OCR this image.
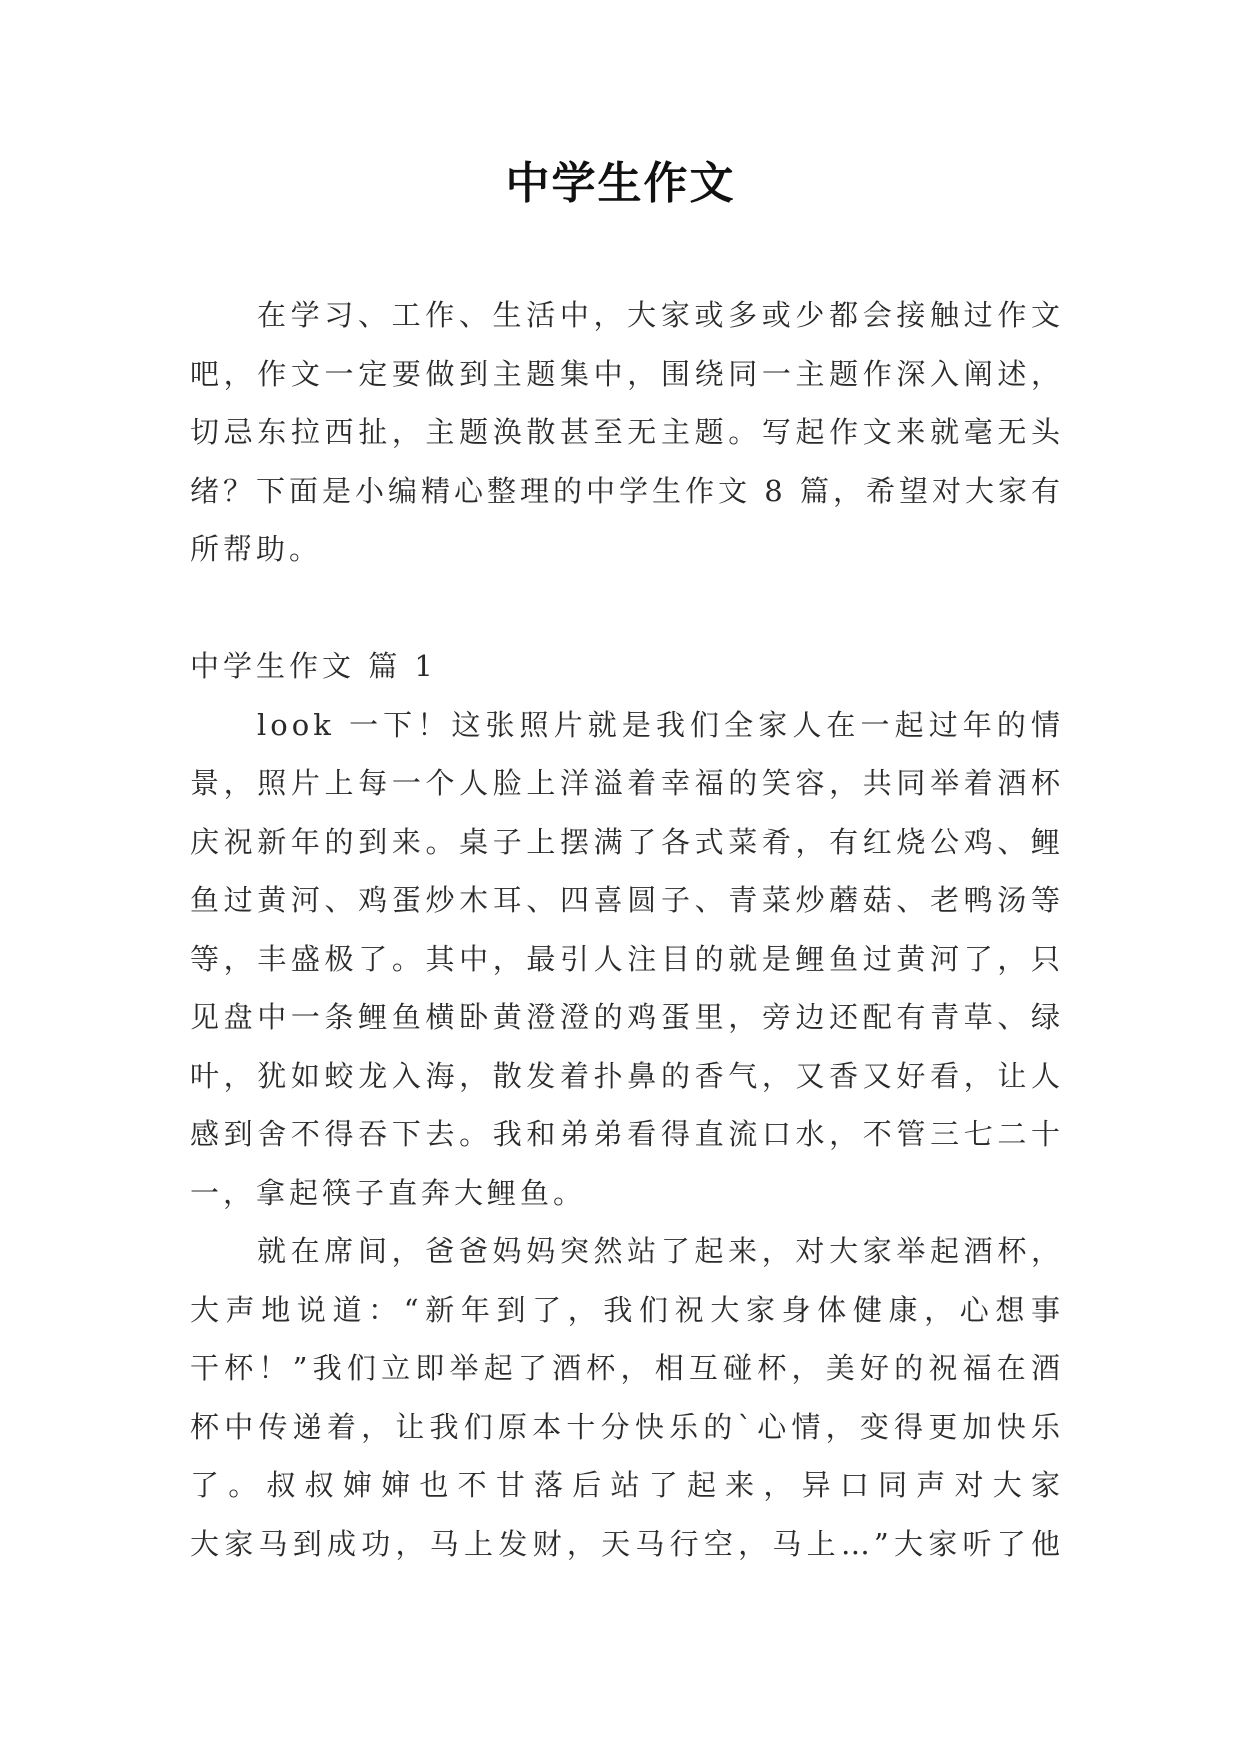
中学生作文
在学习、工作、生活中，大家或多或少都会接触过作文
吧，作文一定要做到主题集中，围绕同一主题作深入阐述，
切忌东拉西扯，主题涣散甚至无主题。写起作文来就毫无头
绪？下面是小编精心整理的中学生作文 8 篇，希望对大家有
所帮助。
中学生作文 篇 1
look 一下！这张照片就是我们全家人在一起过年的情
景，照片上每一个人脸上洋溢着幸福的笑容，共同举着酒杯
庆祝新年的到来。桌子上摆满了各式菜肴，有红烧公鸡、鲤
鱼过黄河、鸡蛋炒木耳、四喜圆子、青菜炒蘑菇、老鸭汤等
等，丰盛极了。其中，最引人注目的就是鲤鱼过黄河了，只
见盘中一条鲤鱼横卧黄澄澄的鸡蛋里，旁边还配有青草、绿
叶，犹如蛟龙入海，散发着扑鼻的香气，又香又好看，让人
感到舍不得吞下去。我和弟弟看得直流口水，不管三七二十
一，拿起筷子直奔大鲤鱼。
就在席间，爸爸妈妈突然站了起来，对大家举起酒杯，
大声地说道：“新年到了，我们祝大家身体健康，心想事
干杯！”我们立即举起了酒杯，相互碰杯，美好的祝福在酒
杯中传递着，让我们原本十分快乐的`心情，变得更加快乐
了。叔叔婶婶也不甘落后站了起来，异口同声对大家
大家马到成功，马上发财，天马行空，马上…”大家听了他
